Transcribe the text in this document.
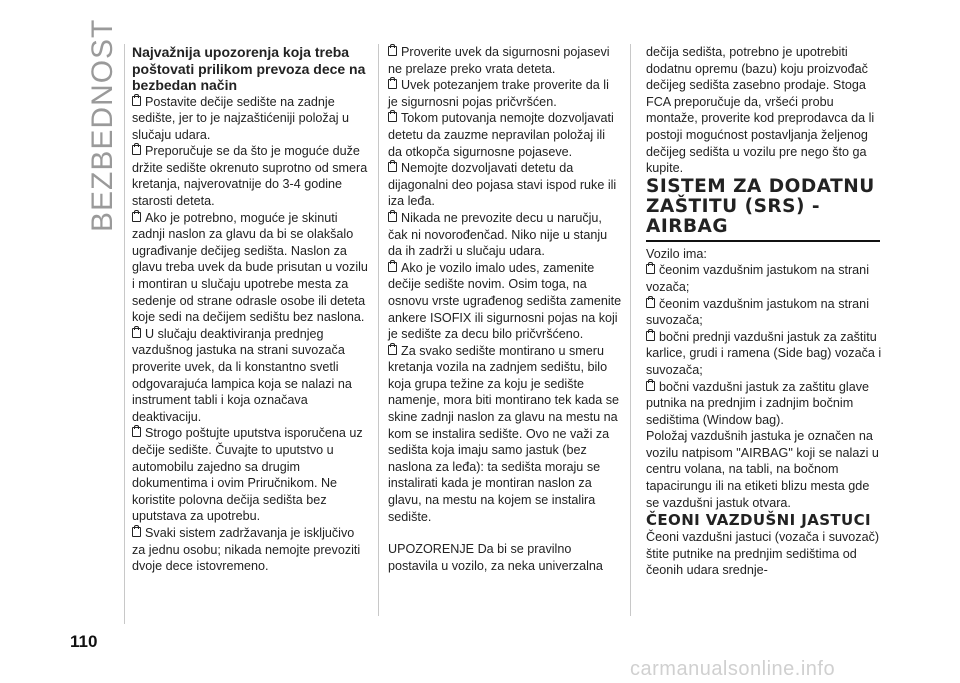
BEZBEDNOST Najvažnija upozorenja koja treba poštovati prilikom prevoza dece na bezbedan način

Postavite dečije sedište na zadnje sedište, jer to je najzaštićeniji položaj u slučaju udara.

Preporučuje se da što je moguće duže držite sedište okrenuto suprotno od smera kretanja, najverovatnije do 3-4 godine starosti deteta.

Ako je potrebno, moguće je skinuti zadnji naslon za glavu da bi se olakšalo ugrađivanje dečijeg sedišta. Naslon za glavu treba uvek da bude prisutan u vozilu i montiran u slučaju upotrebe mesta za sedenje od strane odrasle osobe ili deteta koje sedi na dečijem sedištu bez naslona.

U slučaju deaktiviranja prednjeg vazdušnog jastuka na strani suvozača proverite uvek, da li konstantno svetli odgovarajuća lampica koja se nalazi na instrument tabli i koja označava deaktivaciju.

Strogo poštujte uputstva isporučena uz dečije sedište. Čuvajte to uputstvo u automobilu zajedno sa drugim dokumentima i ovim Priručnikom. Ne koristite polovna dečija sedišta bez uputstava za upotrebu.

Svaki sistem zadržavanja je isključivo za jednu osobu; nikada nemojte prevoziti dvoje dece istovremeno.

Proverite uvek da sigurnosni pojasevi ne prelaze preko vrata deteta.

Uvek potezanjem trake proverite da li je sigurnosni pojas pričvršćen.

Tokom putovanja nemojte dozvoljavati detetu da zauzme nepravilan položaj ili da otkopča sigurnosne pojaseve.

Nemojte dozvoljavati detetu da dijagonalni deo pojasa stavi ispod ruke ili iza leđa.

Nikada ne prevozite decu u naručju, čak ni novorođenčad. Niko nije u stanju da ih zadrži u slučaju udara.

Ako je vozilo imalo udes, zamenite dečije sedište novim. Osim toga, na osnovu vrste ugrađenog sedišta zamenite ankere ISOFIX ili sigurnosni pojas na koji je sedište za decu bilo pričvršćeno.

Za svako sedište montirano u smeru kretanja vozila na zadnjem sedištu, bilo koja grupa težine za koju je sedište namenje, mora biti montirano tek kada se skine zadnji naslon za glavu na mestu na kom se instalira sedište. Ovo ne važi za sedišta koja imaju samo jastuk (bez naslona za leđa): ta sedišta moraju se instalirati kada je montiran naslon za glavu, na mestu na kojem se instalira sedište.

UPOZORENJE Da bi se pravilno postavila u vozilo, za neka univerzalna

dečija sedišta, potrebno je upotrebiti dodatnu opremu (bazu) koju proizvođač dečijeg sedišta zasebno prodaje. Stoga FCA preporučuje da, vršeći probu montaže, proverite kod preprodavca da li postoji mogućnost postavljanja željenog dečijeg sedišta u vozilu pre nego što ga kupite.

SISTEM ZA DODATNU ZAŠTITU (SRS) - AIRBAG

Vozilo ima:

čeonim vazdušnim jastukom na strani vozača;

čeonim vazdušnim jastukom na strani suvozača;

bočni prednji vazdušni jastuk za zaštitu karlice, grudi i ramena (Side bag) vozača i suvozača;

bočni vazdušni jastuk za zaštitu glave putnika na prednjim i zadnjim bočnim sedištima (Window bag).

Položaj vazdušnih jastuka je označen na vozilu natpisom "AIRBAG" koji se nalazi u centru volana, na tabli, na bočnom tapacirungu ili na etiketi blizu mesta gde se vazdušni jastuk otvara.

ČEONI VAZDUŠNI JASTUCI

Čeoni vazdušni jastuci (vozača i suvozač) štite putnike na prednjim sedištima od čeonih udara srednje-

110
carmanualsonline.info
